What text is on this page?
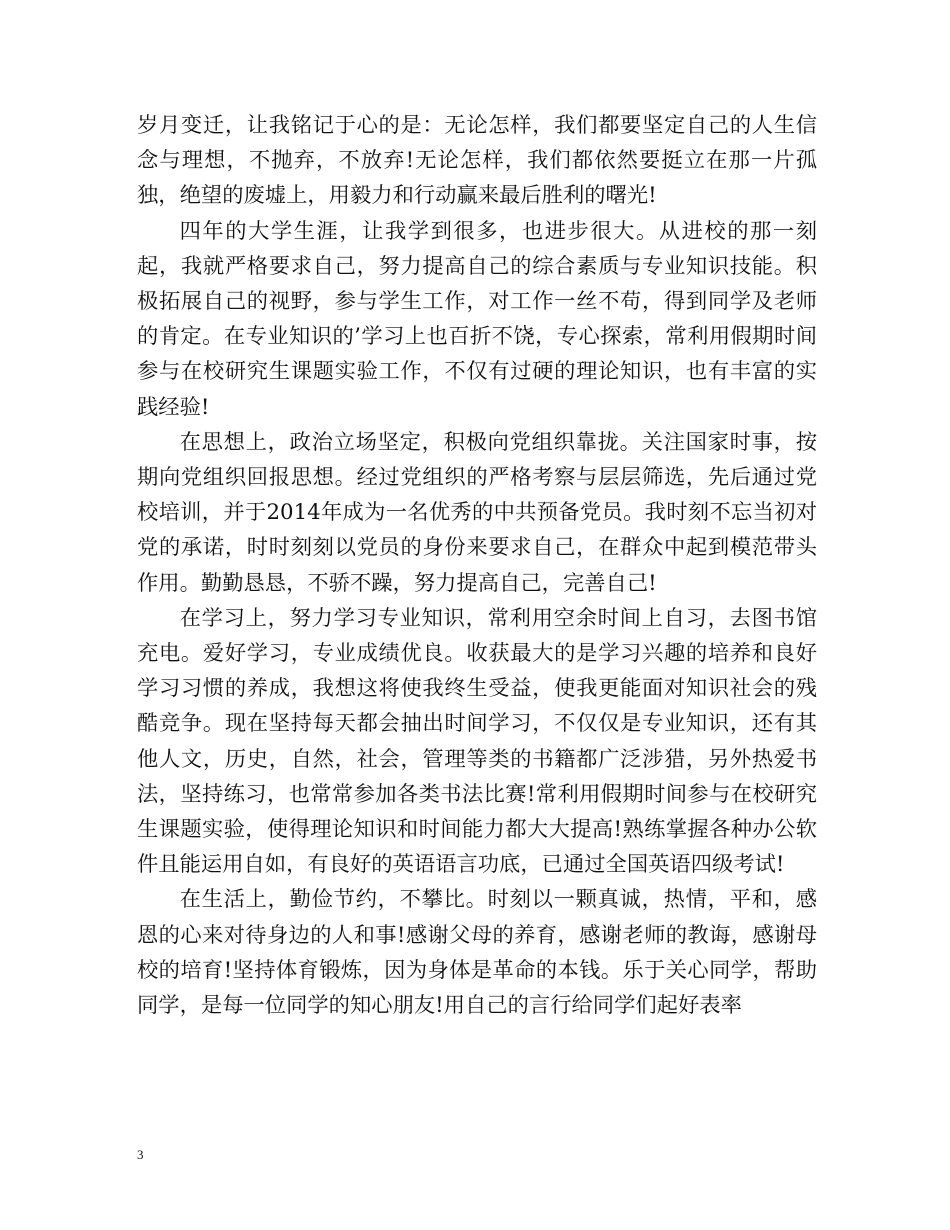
岁月变迁，让我铭记于心的是：无论怎样，我们都要坚定自己的人生信念与理想，不抛弃，不放弃!无论怎样，我们都依然要挺立在那一片孤独，绝望的废墟上，用毅力和行动赢来最后胜利的曙光!

四年的大学生涯，让我学到很多，也进步很大。从进校的那一刻起，我就严格要求自己，努力提高自己的综合素质与专业知识技能。积极拓展自己的视野，参与学生工作，对工作一丝不苟，得到同学及老师的肯定。在专业知识的’学习上也百折不饶，专心探索，常利用假期时间参与在校研究生课题实验工作，不仅有过硬的理论知识，也有丰富的实践经验!

在思想上，政治立场坚定，积极向党组织靠拢。关注国家时事，按期向党组织回报思想。经过党组织的严格考察与层层筛选，先后通过党校培训，并于2014年成为一名优秀的中共预备党员。我时刻不忘当初对党的承诺，时时刻刻以党员的身份来要求自己，在群众中起到模范带头作用。勤勤恳恳，不骄不躁，努力提高自己，完善自己!

在学习上，努力学习专业知识，常利用空余时间上自习，去图书馆充电。爱好学习，专业成绩优良。收获最大的是学习兴趣的培养和良好学习习惯的养成，我想这将使我终生受益，使我更能面对知识社会的残酷竞争。现在坚持每天都会抽出时间学习，不仅仅是专业知识，还有其他人文，历史，自然，社会，管理等类的书籍都广泛涉猎，另外热爱书法，坚持练习，也常常参加各类书法比赛!常利用假期时间参与在校研究生课题实验，使得理论知识和时间能力都大大提高!熟练掌握各种办公软件且能运用自如，有良好的英语语言功底，已通过全国英语四级考试!

在生活上，勤俭节约，不攀比。时刻以一颗真诚，热情，平和，感恩的心来对待身边的人和事!感谢父母的养育，感谢老师的教诲，感谢母校的培育!坚持体育锻炼，因为身体是革命的本钱。乐于关心同学，帮助同学，是每一位同学的知心朋友!用自己的言行给同学们起好表率

3
